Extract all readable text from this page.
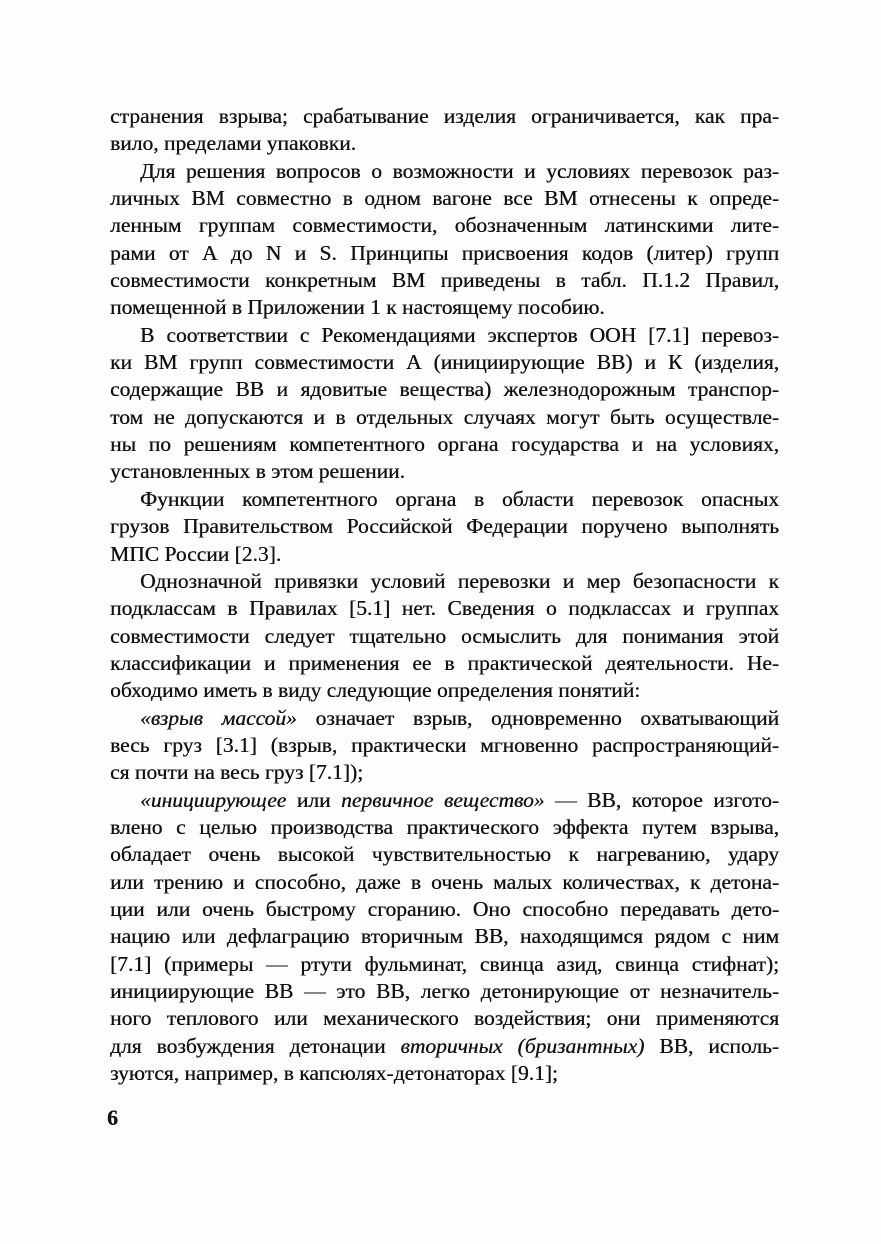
странения взрыва; срабатывание изделия ограничивается, как пра-
вило, пределами упаковки.
Для решения вопросов о возможности и условиях перевозок раз-
личных ВМ совместно в одном вагоне все ВМ отнесены к опреде-
ленным группам совместимости, обозначенным латинскими лите-
рами от А до N и S. Принципы присвоения кодов (литер) групп
совместимости конкретным ВМ приведены в табл. П.1.2 Правил,
помещенной в Приложении 1 к настоящему пособию.
В соответствии с Рекомендациями экспертов ООН [7.1] перевоз-
ки ВМ групп совместимости А (инициирующие ВВ) и К (изделия,
содержащие ВВ и ядовитые вещества) железнодорожным транспор-
том не допускаются и в отдельных случаях могут быть осуществле-
ны по решениям компетентного органа государства и на условиях,
установленных в этом решении.
Функции компетентного органа в области перевозок опасных
грузов Правительством Российской Федерации поручено выполнять
МПС России [2.3].
Однозначной привязки условий перевозки и мер безопасности к
подклассам в Правилах [5.1] нет. Сведения о подклассах и группах
совместимости следует тщательно осмыслить для понимания этой
классификации и применения ее в практической деятельности. Не-
обходимо иметь в виду следующие определения понятий:
«взрыв массой» означает взрыв, одновременно охватывающий
весь груз [3.1] (взрыв, практически мгновенно распространяющий-
ся почти на весь груз [7.1]);
«инициирующее или первичное вещество» — ВВ, которое изгото-
влено с целью производства практического эффекта путем взрыва,
обладает очень высокой чувствительностью к нагреванию, удару
или трению и способно, даже в очень малых количествах, к детона-
ции или очень быстрому сгоранию. Оно способно передавать дето-
нацию или дефлаграцию вторичным ВВ, находящимся рядом с ним
[7.1] (примеры — ртути фульминат, свинца азид, свинца стифнат);
инициирующие ВВ — это ВВ, легко детонирующие от незначитель-
ного теплового или механического воздействия; они применяются
для возбуждения детонации вторичных (бризантных) ВВ, исполь-
зуются, например, в капсюлях-детонаторах [9.1];
6
